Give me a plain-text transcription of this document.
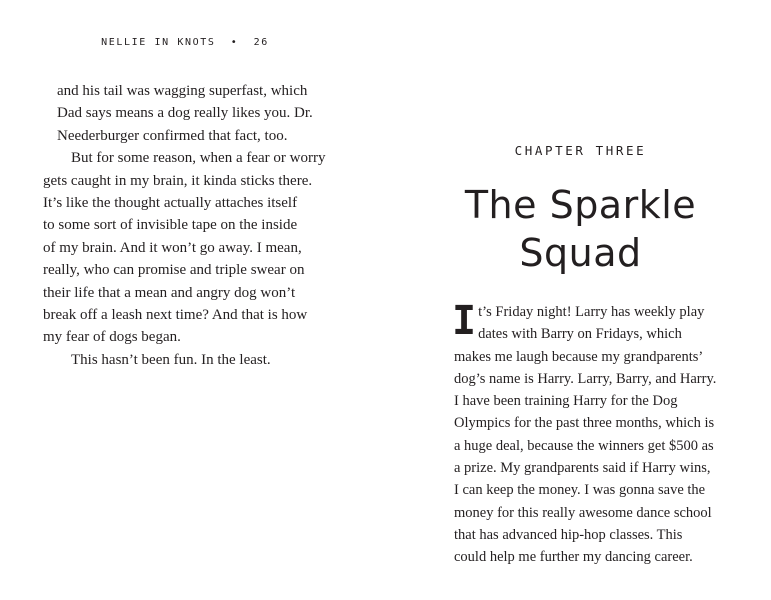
NELLIE IN KNOTS  •  26

and his tail was wagging superfast, which
Dad says means a dog really likes you. Dr.
Neederburger confirmed that fact, too.

But for some reason, when a fear or worry
gets caught in my brain, it kinda sticks there.
It’s like the thought actually attaches itself
to some sort of invisible tape on the inside
of my brain. And it won’t go away. I mean,
really, who can promise and triple swear on
their life that a mean and angry dog won’t
break off a leash next time? And that is how
my fear of dogs began.

This hasn’t been fun. In the least.

CHAPTER THREE
The Sparkle
Squad
I t’s Friday night! Larry has weekly play
dates with Barry on Fridays, which
makes me laugh because my grandparents’
dog’s name is Harry. Larry, Barry, and Harry.
I have been training Harry for the Dog
Olympics for the past three months, which is
a huge deal, because the winners get $500 as
a prize. My grandparents said if Harry wins,
I can keep the money. I was gonna save the
money for this really awesome dance school
that has advanced hip-hop classes. This
could help me further my dancing career.
